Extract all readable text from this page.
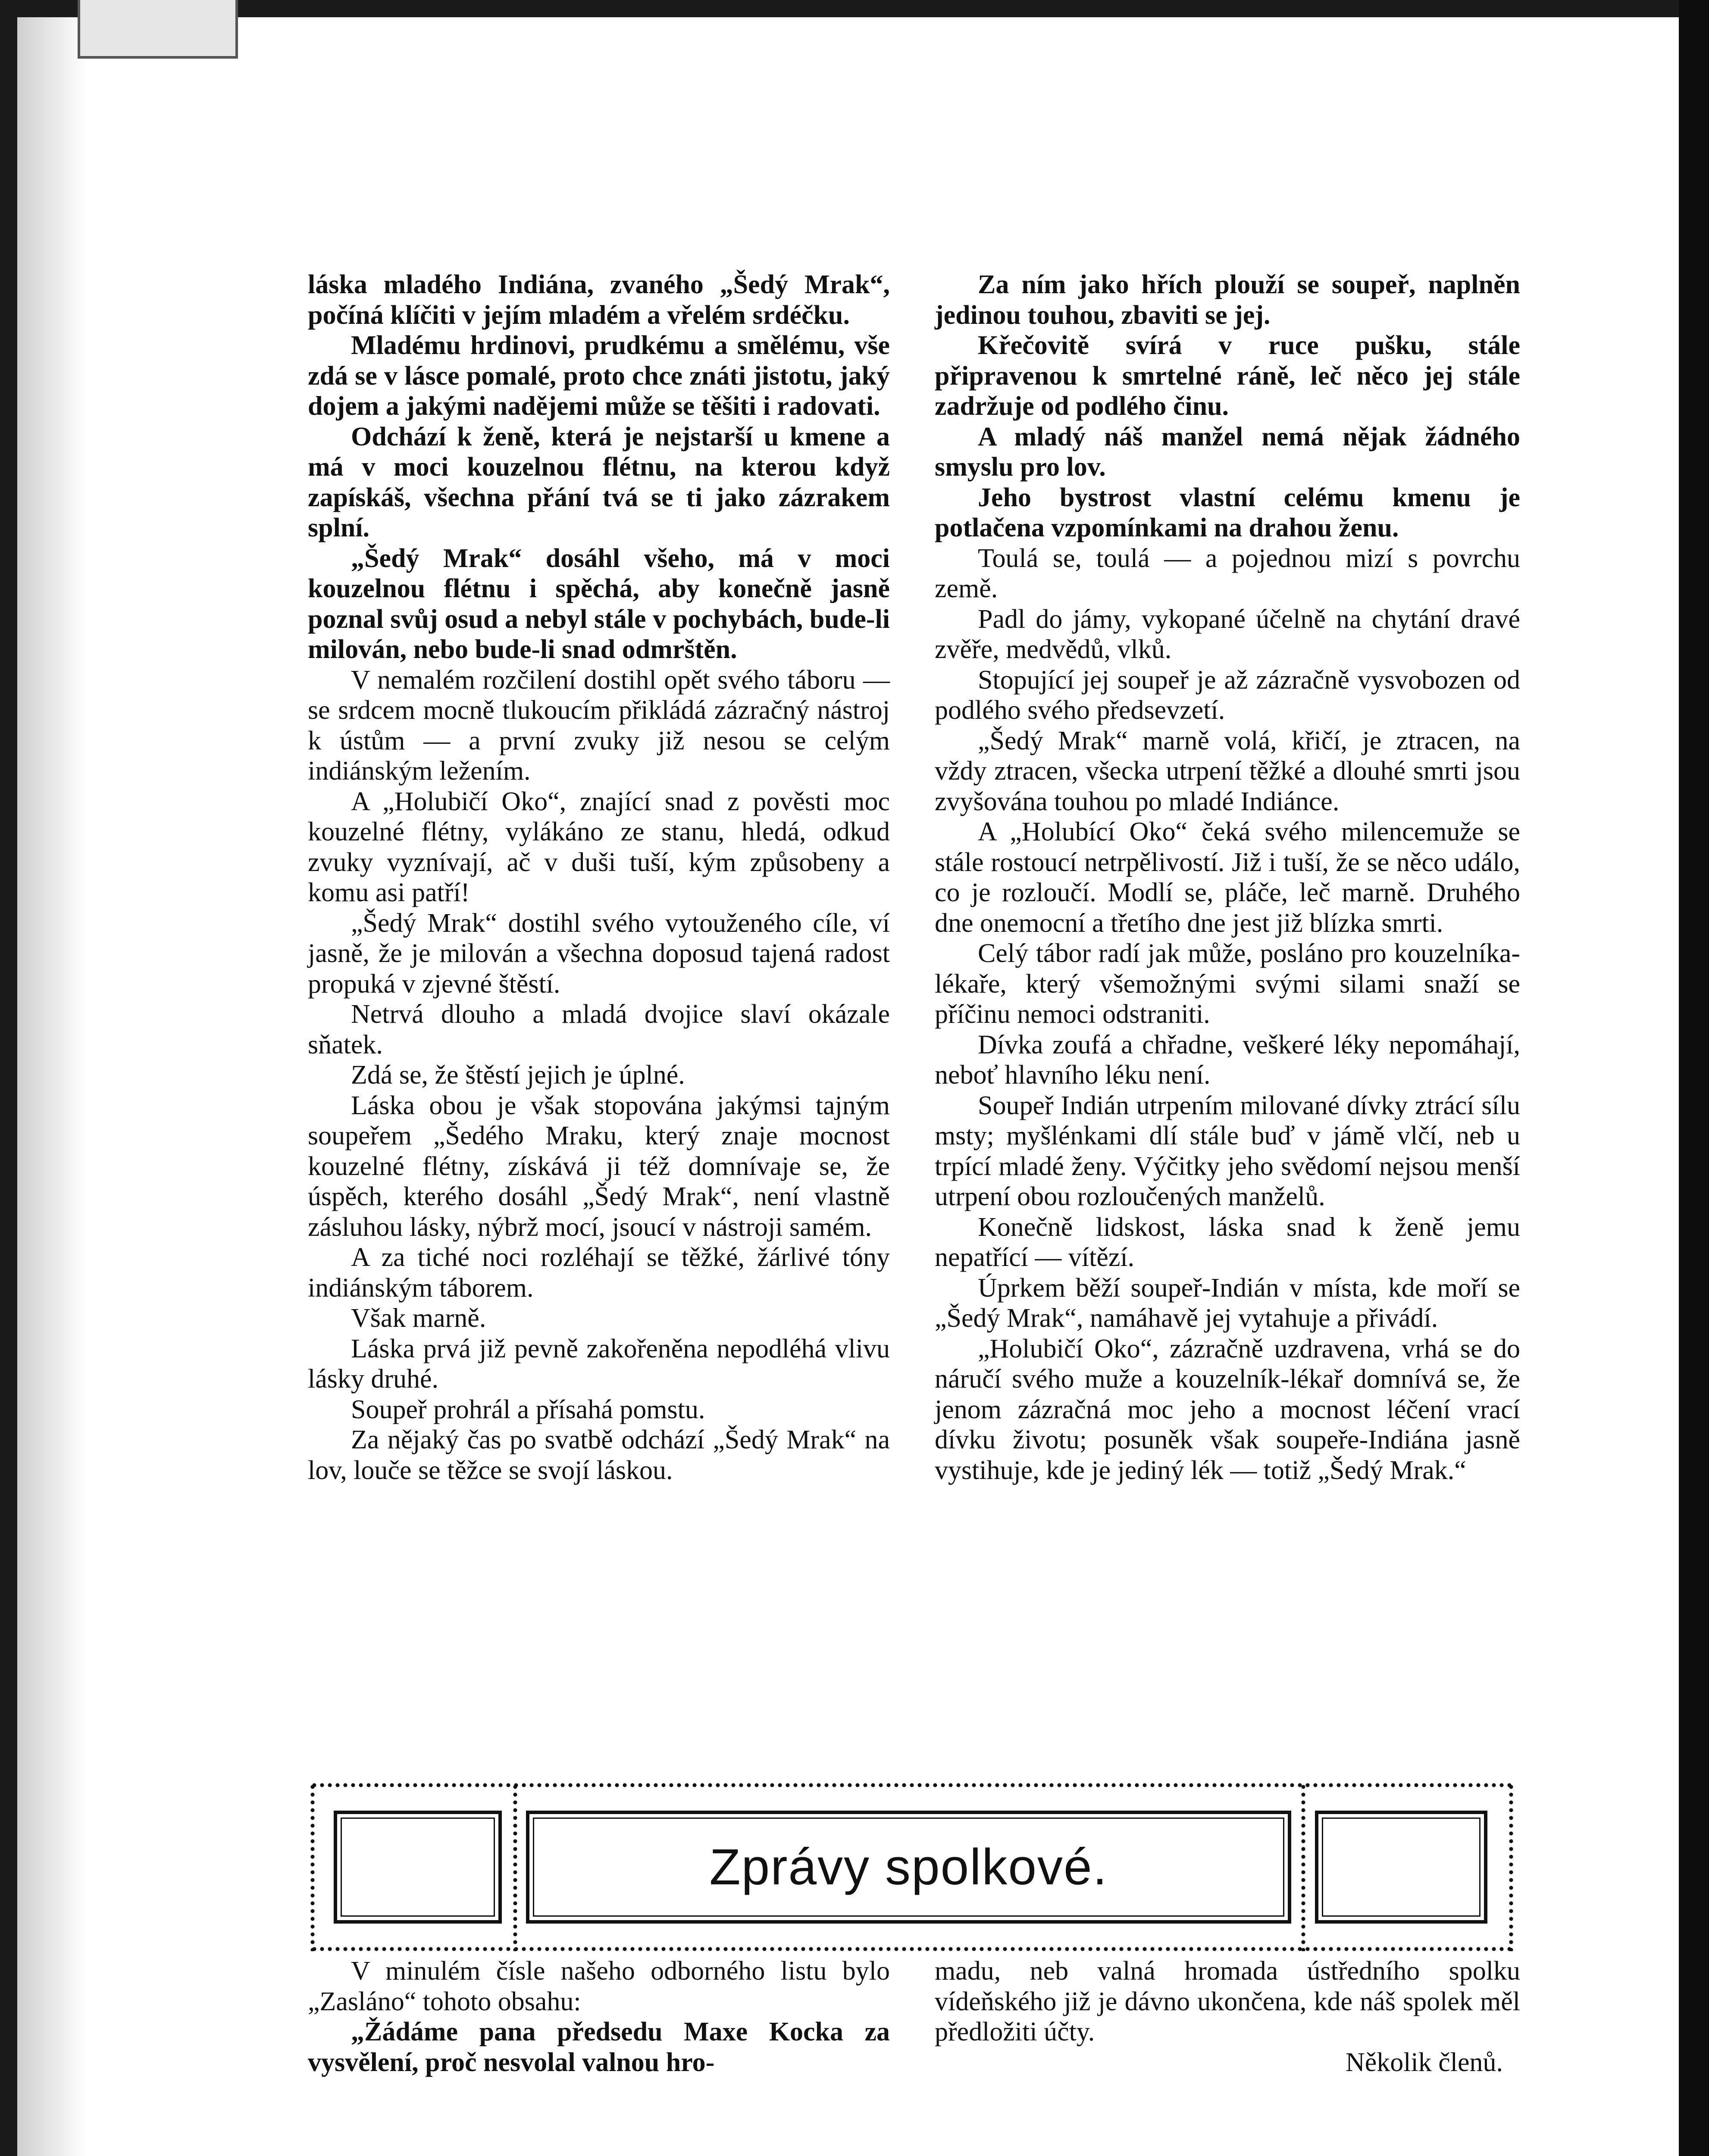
láska mladého Indiána, zvaného „Šedý Mrak“, počíná klíčiti v jejím mladém a vřelém srdéčku.

Mladému hrdinovi, prudkému a smělému, vše zdá se v lásce pomalé, proto chce znáti jistotu, jaký dojem a jakými nadějemi může se těšiti i radovati.

Odchází k ženě, která je nejstarší u kmene a má v moci kouzelnou flétnu, na kterou když zapískáš, všechna přání tvá se ti jako zázrakem splní.

„Šedý Mrak“ dosáhl všeho, má v moci kouzelnou flétnu i spěchá, aby konečně jasně poznal svůj osud a nebyl stále v pochybách, bude-li milován, nebo bude-li snad odmrštěn.

V nemalém rozčilení dostihl opět svého táboru — se srdcem mocně tlukoucím přikládá zázračný nástroj k ústům — a první zvuky již nesou se celým indiánským ležením.

A „Holubičí Oko“, znající snad z pověsti moc kouzelné flétny, vylákáno ze stanu, hledá, odkud zvuky vyznívají, ač v duši tuší, kým způsobeny a komu asi patří!

„Šedý Mrak“ dostihl svého vytouženého cíle, ví jasně, že je milován a všechna doposud tajená radost propuká v zjevné štěstí.

Netrvá dlouho a mladá dvojice slaví okázale sňatek.

Zdá se, že štěstí jejich je úplné.

Láska obou je však stopována jakýmsi tajným soupeřem „Šedého Mraku, který znaje mocnost kouzelné flétny, získává ji též domnívaje se, že úspěch, kterého dosáhl „Šedý Mrak“, není vlastně zásluhou lásky, nýbrž mocí, jsoucí v nástroji samém.

A za tiché noci rozléhají se těžké, žárlivé tóny indiánským táborem.

Však marně.

Láska prvá již pevně zakořeněna nepodléhá vlivu lásky druhé.

Soupeř prohrál a přísahá pomstu.

Za nějaký čas po svatbě odchází „Šedý Mrak“ na lov, louče se těžce se svojí láskou.

Za ním jako hřích plouží se soupeř, naplněn jedinou touhou, zbaviti se jej.

Křečovitě svírá v ruce pušku, stále připravenou k smrtelné ráně, leč něco jej stále zadržuje od podlého činu.

A mladý náš manžel nemá nějak žádného smyslu pro lov.

Jeho bystrost vlastní celému kmenu je potlačena vzpomínkami na drahou ženu.

Toulá se, toulá — a pojednou mizí s povrchu země.

Padl do jámy, vykopané účelně na chytání dravé zvěře, medvědů, vlků.

Stopující jej soupeř je až zázračně vysvobozen od podlého svého předsevzetí.

„Šedý Mrak“ marně volá, křičí, je ztracen, na vždy ztracen, všecka utrpení těžké a dlouhé smrti jsou zvyšována touhou po mladé Indiánce.

A „Holubící Oko“ čeká svého milencemuže se stále rostoucí netrpělivostí. Již i tuší, že se něco událo, co je rozloučí. Modlí se, pláče, leč marně. Druhého dne onemocní a třetího dne jest již blízka smrti.

Celý tábor radí jak může, posláno pro kouzelníka-lékaře, který všemožnými svými silami snaží se příčinu nemoci odstraniti.

Dívka zoufá a chřadne, veškeré léky nepomáhají, neboť hlavního léku není.

Soupeř Indián utrpením milované dívky ztrácí sílu msty; myšlénkami dlí stále buď v jámě vlčí, neb u trpící mladé ženy. Výčitky jeho svědomí nejsou menší utrpení obou rozloučených manželů.

Konečně lidskost, láska snad k ženě jemu nepatřící — vítězí.

Úprkem běží soupeř-Indián v místa, kde moří se „Šedý Mrak“, namáhavě jej vytahuje a přivádí.

„Holubičí Oko“, zázračně uzdravena, vrhá se do náručí svého muže a kouzelník-lékař domnívá se, že jenom zázračná moc jeho a mocnost léčení vrací dívku životu; posuněk však soupeře-Indiána jasně vystihuje, kde je jediný lék — totiž „Šedý Mrak.“

Zprávy spolkové.

V minulém čísle našeho odborného listu bylo „Zasláno“ tohoto obsahu:

„Žádáme pana předsedu Maxe Kocka za vysvělení, proč nesvolal valnou hro-

madu, neb valná hromada ústředního spolku vídeňského již je dávno ukončena, kde náš spolek měl předložiti účty.

Několik členů.
